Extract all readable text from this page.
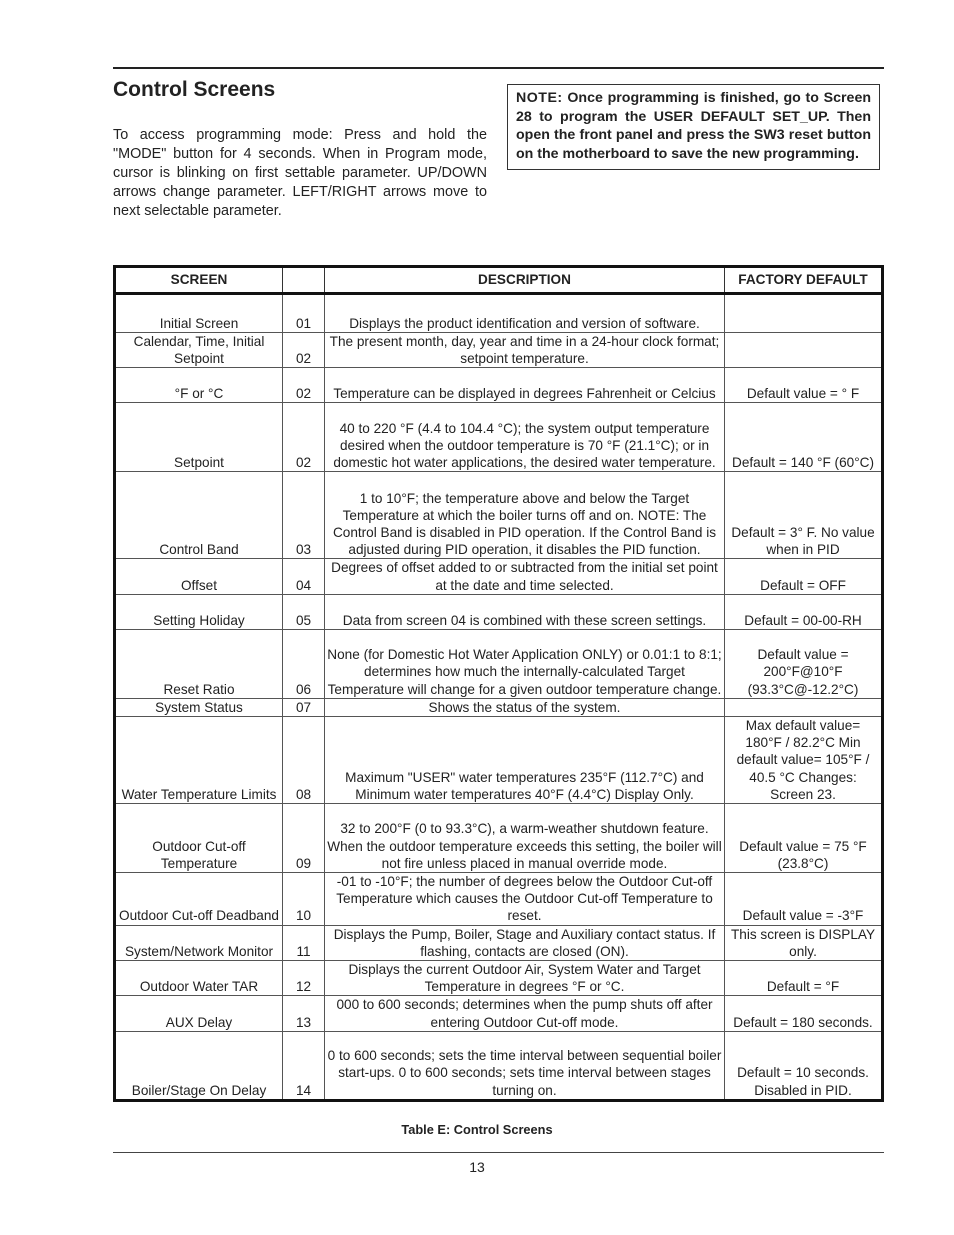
Control Screens

To access programming mode: Press and hold the "MODE" button for 4 seconds. When in Program mode, cursor is blinking on first settable parameter. UP/DOWN arrows change parameter. LEFT/RIGHT arrows move to next selectable parameter.

NOTE: Once programming is finished, go to Screen 28 to program the USER DEFAULT SET_UP. Then open the front panel and press the SW3 reset button on the motherboard to save the new programming.
SCREEN		DESCRIPTION	FACTORY DEFAULT
Initial Screen	01	Displays the product identification and version of software.	
Calendar, Time, Initial Setpoint	02	The present month, day, year and time in a 24-hour clock format; setpoint temperature.	
°F or °C	02	Temperature can be displayed in degrees Fahrenheit or Celcius	Default value = ° F
Setpoint	02	40 to 220 °F (4.4 to 104.4 °C); the system output temperature desired when the outdoor temperature is 70 °F (21.1°C); or in domestic hot water applications, the desired water temperature.	Default = 140 °F (60°C)
Control Band	03	1 to 10°F; the temperature above and below the Target Temperature at which the boiler turns off and on. NOTE: The Control Band is disabled in PID operation. If the Control Band is adjusted during PID operation, it disables the PID function.	Default = 3° F. No value when in PID
Offset	04	Degrees of offset added to or subtracted from the initial set point at the date and time selected.	Default = OFF
Setting Holiday	05	Data from screen 04 is combined with these screen settings.	Default = 00-00-RH
Reset Ratio	06	None (for Domestic Hot Water Application ONLY) or 0.01:1 to 8:1; determines how much the internally-calculated Target Temperature will change for a given outdoor temperature change.	Default value = 200°F@10°F (93.3°C@-12.2°C)
System Status	07	Shows the status of the system.	
Water Temperature Limits	08	Maximum "USER" water temperatures 235°F (112.7°C) and Minimum water temperatures 40°F (4.4°C) Display Only.	Max default value= 180°F / 82.2°C Min default value= 105°F / 40.5 °C Changes: Screen 23.
Outdoor Cut-off Temperature	09	32 to 200°F (0 to 93.3°C), a warm-weather shutdown feature. When the outdoor temperature exceeds this setting, the boiler will not fire unless placed in manual override mode.	Default value = 75 °F (23.8°C)
Outdoor Cut-off Deadband	10	-01 to -10°F; the number of degrees below the Outdoor Cut-off Temperature which causes the Outdoor Cut-off Temperature to reset.	Default value = -3°F
System/Network Monitor	11	Displays the Pump, Boiler, Stage and Auxiliary contact status. If flashing, contacts are closed (ON).	This screen is DISPLAY only.
Outdoor Water TAR	12	Displays the current Outdoor Air, System Water and Target Temperature in degrees °F or °C.	Default = °F
AUX Delay	13	000 to 600 seconds; determines when the pump shuts off after entering Outdoor Cut-off mode.	Default = 180 seconds.
Boiler/Stage On Delay	14	0 to 600 seconds; sets the time interval between sequential boiler start-ups. 0 to 600 seconds; sets time interval between stages turning on.	Default = 10 seconds. Disabled in PID.
Table E: Control Screens
13
